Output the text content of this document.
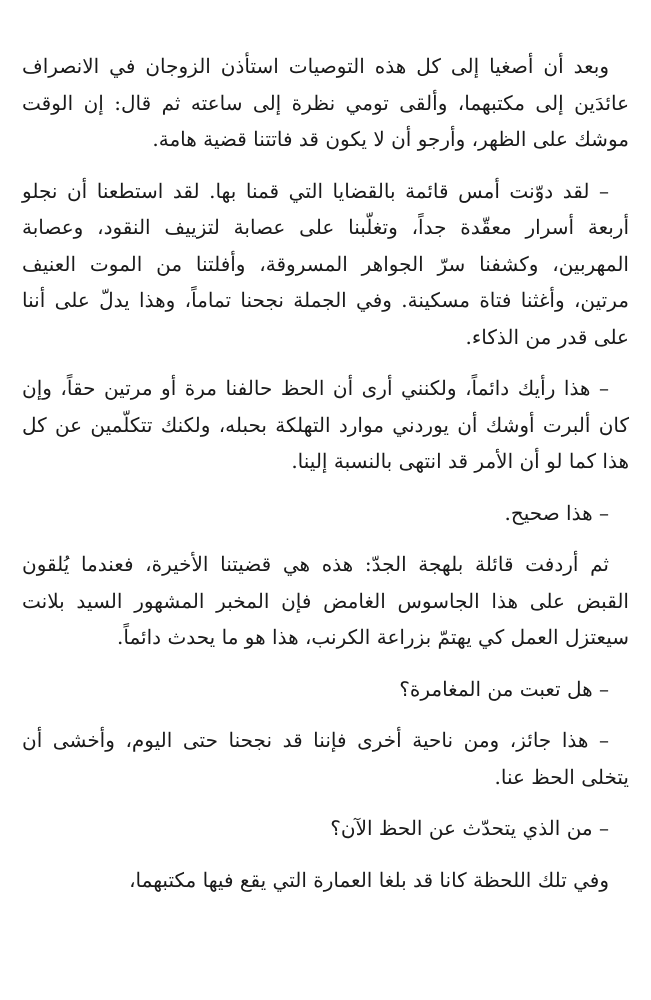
وبعد أن أصغيا إلى كل هذه التوصيات استأذن الزوجان في الانصراف عائدَين إلى مكتبهما، وألقى تومي نظرة إلى ساعته ثم قال: إن الوقت موشك على الظهر، وأرجو أن لا يكون قد فاتتنا قضية هامة.

– لقد دوّنت أمس قائمة بالقضايا التي قمنا بها. لقد استطعنا أن نجلو أربعة أسرار معقّدة جداً، وتغلّبنا على عصابة لتزييف النقود، وعصابة المهربين، وكشفنا سرّ الجواهر المسروقة، وأفلتنا من الموت العنيف مرتين، وأغثنا فتاة مسكينة. وفي الجملة نجحنا تماماً، وهذا يدلّ على أننا على قدر من الذكاء.

– هذا رأيك دائماً، ولكنني أرى أن الحظ حالفنا مرة أو مرتين حقاً، وإن كان ألبرت أوشك أن يوردني موارد التهلكة بحبله، ولكنك تتكلّمين عن كل هذا كما لو أن الأمر قد انتهى بالنسبة إلينا.

– هذا صحيح.

ثم أردفت قائلة بلهجة الجدّ: هذه هي قضيتنا الأخيرة، فعندما يُلقون القبض على هذا الجاسوس الغامض فإن المخبر المشهور السيد بلانت سيعتزل العمل كي يهتمّ بزراعة الكرنب، هذا هو ما يحدث دائماً.

– هل تعبت من المغامرة؟

– هذا جائز، ومن ناحية أخرى فإننا قد نجحنا حتى اليوم، وأخشى أن يتخلى الحظ عنا.

– من الذي يتحدّث عن الحظ الآن؟

وفي تلك اللحظة كانا قد بلغا العمارة التي يقع فيها مكتبهما،
